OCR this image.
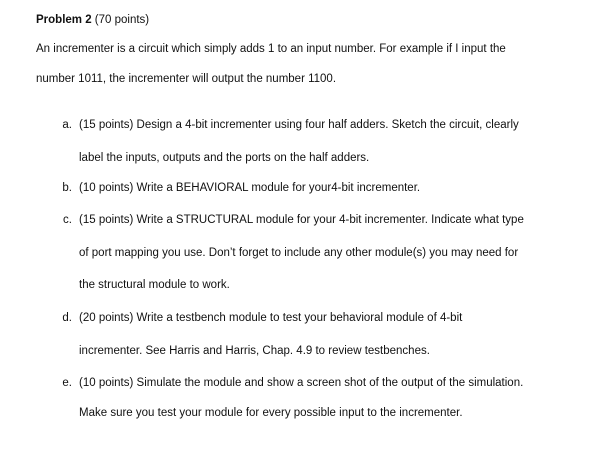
Problem 2 (70 points)
An incrementer is a circuit which simply adds 1 to an input number. For example if I input the
number 1011, the incrementer will output the number 1100.
a. (15 points) Design a 4-bit incrementer using four half adders. Sketch the circuit, clearly
label the inputs, outputs and the ports on the half adders.
b. (10 points) Write a BEHAVIORAL module for your4-bit incrementer.
c. (15 points) Write a STRUCTURAL module for your 4-bit incrementer. Indicate what type
of port mapping you use. Don’t forget to include any other module(s) you may need for
the structural module to work.
d. (20 points) Write a testbench module to test your behavioral module of 4-bit
incrementer. See Harris and Harris, Chap. 4.9 to review testbenches.
e. (10 points) Simulate the module and show a screen shot of the output of the simulation.
Make sure you test your module for every possible input to the incrementer.
